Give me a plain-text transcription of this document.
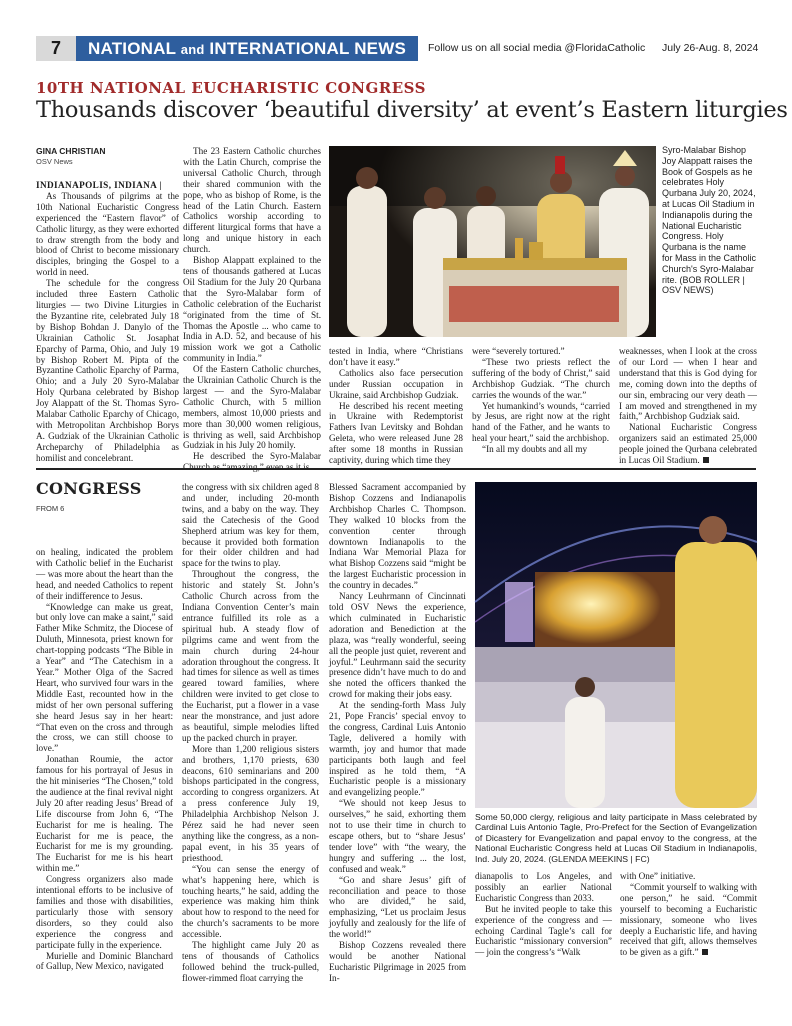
7	NATIONAL and INTERNATIONAL NEWS Follow us on all social media @FloridaCatholic July 26-Aug. 8, 2024
10TH NATIONAL EUCHARISTIC CONGRESS
Thousands discover ‘beautiful diversity’ at event’s Eastern liturgies
GINA CHRISTIAN
OSV News

INDIANAPOLIS, INDIANA |

As Thousands of pilgrims at the 10th National Eucharistic Congress experienced the “Eastern flavor” of Catholic liturgy, as they were exhorted to draw strength from the body and blood of Christ to become missionary disciples, bringing the Gospel to a world in need.

The schedule for the congress included three Eastern Catholic liturgies — two Divine Liturgies in the Byzantine rite, celebrated July 18 by Bishop Bohdan J. Danylo of the Ukrainian Catholic St. Josaphat Eparchy of Parma, Ohio, and July 19 by Bishop Robert M. Pipta of the Byzantine Catholic Eparchy of Parma, Ohio; and a July 20 Syro-Malabar Holy Qurbana celebrated by Bishop Joy Alappatt of the St. Thomas Syro-Malabar Catholic Eparchy of Chicago, with Metropolitan Archbishop Borys A. Gudziak of the Ukrainian Catholic Archeparchy of Philadelphia as homilist and concelebrant.

The 23 Eastern Catholic churches with the Latin Church, comprise the universal Catholic Church, through their shared communion with the pope, who as bishop of Rome, is the head of the Latin Church. Eastern Catholics worship according to different liturgical forms that have a long and unique history in each church.

Bishop Alappatt explained to the tens of thousands gathered at Lucas Oil Stadium for the July 20 Qurbana that the Syro-Malabar form of Catholic celebration of the Eucharist “originated from the time of St. Thomas the Apostle ... who came to India in A.D. 52, and because of his mission work we got a Catholic community in India.”

Of the Eastern Catholic churches, the Ukrainian Catholic Church is the largest — and the Syro-Malabar Catholic Church, with 5 million members, almost 10,000 priests and more than 30,000 women religious, is thriving as well, said Archbishop Gudziak in his July 20 homily.

He described the Syro-Malabar

Syro-Malabar Bishop Joy Alappatt raises the Book of Gospels as he celebrates Holy Qurbana July 20, 2024, at Lucas Oil Stadium in Indianapolis during the National Eucharistic Congress. Holy Qurbana is the name for Mass in the Catholic Church's Syro-Malabar rite. (BOB ROLLER | OSV NEWS)

tested in India, where “Christians don’t have it easy.”

Catholics also face persecution under Russian occupation in Ukraine, said Archbishop Gudziak.

He described his recent meeting in Ukraine with Redemptorist Fathers Ivan Levitsky and Bohdan Geleta, who were released June 28 after some 18 months in Russian captivity, during which time they

were “severely tortured.”

“These two priests reflect the suffering of the body of Christ,” said Archbishop Gudziak. “The church carries the wounds of the war.”

Yet humankind’s wounds, “carried by Jesus, are right now at the right hand of the Father, and he wants to heal your heart,” said the archbishop.

“In all my doubts and all my

weaknesses, when I look at the cross of our Lord — when I hear and understand that this is God dying for me, coming down into the depths of our sin, embracing our very death — I am moved and strengthened in my faith,” Archbishop Gudziak said.

National Eucharistic Congress organizers said an estimated 25,000 people joined the Qurbana celebrated in Lucas Oil Stadium.

CONGRESS
FROM 6

on healing, indicated the problem with Catholic belief in the Eucharist — was more about the heart than the head, and needed Catholics to repent of their indifference to Jesus.

“Knowledge can make us great, but only love can make a saint,” said Father Mike Schmitz, the Diocese of Duluth, Minnesota, priest known for chart-topping podcasts “The Bible in a Year” and “The Catechism in a Year.” Mother Olga of the Sacred Heart, who survived four wars in the Middle East, recounted how in the midst of her own personal suffering she heard Jesus say in her heart: “That even on the cross and through the cross, we can still choose to love.”

Jonathan Roumie, the actor famous for his portrayal of Jesus in the hit miniseries “The Chosen,” told the audience at the final revival night July 20 after reading Jesus’ Bread of Life discourse from John 6, “The Eucharist for me is healing. The Eucharist for me is peace, the Eucharist for me is my grounding. The Eucharist for me is his heart within me.”

Congress organizers also made intentional efforts to be inclusive of families and those with disabilities, particularly those with sensory disorders, so they could also experience the congress and participate fully in the experience.

Murielle and Dominic Blanchard of Gallup, New Mexico, navigated

the congress with six children aged 8 and under, including 20-month twins, and a baby on the way. They said the Catechesis of the Good Shepherd atrium was key for them, because it provided both formation for their older children and had space for the twins to play.

Throughout the congress, the historic and stately St. John’s Catholic Church across from the Indiana Convention Center’s main entrance fulfilled its role as a spiritual hub. A steady flow of pilgrims came and went from the main church during 24-hour adoration throughout the congress. It had times for silence as well as times geared toward families, where children were invited to get close to the Eucharist, put a flower in a vase near the monstrance, and just adore as beautiful, simple melodies lifted up the packed church in prayer.

More than 1,200 religious sisters and brothers, 1,170 priests, 630 deacons, 610 seminarians and 200 bishops participated in the congress, according to congress organizers. At a press conference July 19, Philadelphia Archbishop Nelson J. Pérez said he had never seen anything like the congress, as a non-papal event, in his 35 years of priesthood.

“You can sense the energy of what’s happening here, which is touching hearts,” he said, adding the experience was making him think about how to respond to the need for the church’s sacraments to be more accessible.

The highlight came July 20 as tens of thousands of Catholics followed behind the truck-pulled, flower-rimmed float carrying the

Blessed Sacrament accompanied by Bishop Cozzens and Indianapolis Archbishop Charles C. Thompson. They walked 10 blocks from the convention center through downtown Indianapolis to the Indiana War Memorial Plaza for what Bishop Cozzens said “might be the largest Eucharistic procession in the country in decades.”

Nancy Leuhrmann of Cincinnati told OSV News the experience, which culminated in Eucharistic adoration and Benediction at the plaza, was “really wonderful, seeing all the people just quiet, reverent and joyful.” Leuhrmann said the security presence didn’t have much to do and she noted the officers thanked the crowd for making their jobs easy.

At the sending-forth Mass July 21, Pope Francis’ special envoy to the congress, Cardinal Luis Antonio Tagle, delivered a homily with warmth, joy and humor that made participants both laugh and feel inspired as he told them, “A Eucharistic people is a missionary and evangelizing people.”

“We should not keep Jesus to ourselves,” he said, exhorting them not to use their time in church to escape others, but to “share Jesus’ tender love” with “the weary, the hungry and suffering ... the lost, confused and weak.”

“Go and share Jesus’ gift of reconciliation and peace to those who are divided,” he said, emphasizing, “Let us proclaim Jesus joyfully and zealously for the life of the world!”

Bishop Cozzens revealed there would be another National Eucharistic Pilgrimage in 2025 from In-

Some 50,000 clergy, religious and laity participate in Mass celebrated by Cardinal Luis Antonio Tagle, Pro-Prefect for the Section of Evangelization of Dicastery for Evangelization and papal envoy to the congress, at the National Eucharistic Congress held at Lucas Oil Stadium in Indianapolis, Ind. July 20, 2024. (GLENDA MEEKINS | FC)

dianapolis to Los Angeles, and possibly an earlier National Eucharistic Congress than 2033.

But he invited people to take this experience of the congress and — echoing Cardinal Tagle’s call for Eucharistic “missionary conversion” — join the congress’s “Walk

with One” initiative.

“Commit yourself to walking with one person,” he said. “Commit yourself to becoming a Eucharistic missionary, someone who lives deeply a Eucharistic life, and having received that gift, allows themselves to be given as a gift.”
